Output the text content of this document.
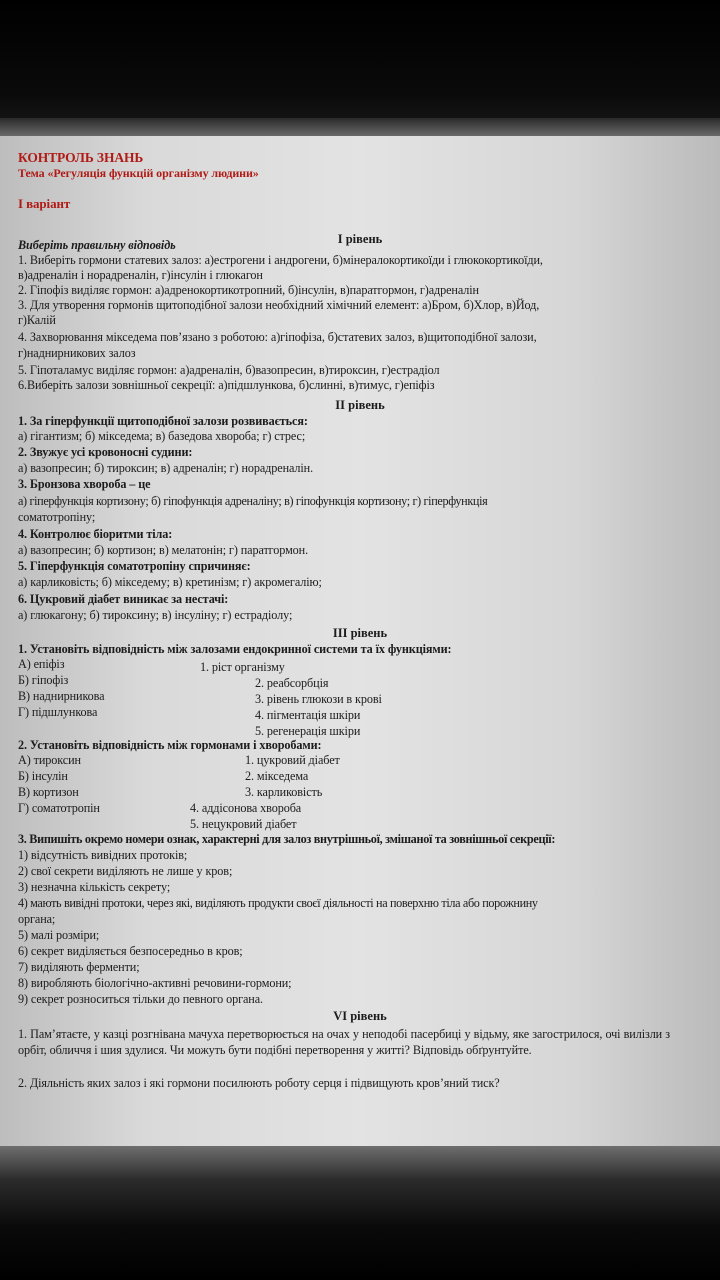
КОНТРОЛЬ ЗНАНЬ
Тема «Регуляція функцій організму людини»
І варіант
І рівень
Виберіть правильну відповідь
1. Виберіть гормони статевих залоз: а)естрогени і андрогени, б)мінералокортикоїди і глюкокортикоїди,
в)адреналін і норадреналін, г)інсулін і глюкагон
2. Гіпофіз виділяє гормон: а)адренокортикотропний, б)інсулін, в)паратгормон, г)адреналін
3. Для утворення гормонів щитоподібної залози необхідний хімічний елемент: а)Бром, б)Хлор, в)Йод,
г)Калій
4. Захворювання мікседема пов’язано з роботою: а)гіпофіза, б)статевих залоз, в)щитоподібної залози,
г)наднирникових залоз
5. Гіпоталамус виділяє гормон: а)адреналін, б)вазопресин, в)тироксин, г)естрадіол
6.Виберіть залози зовнішньої секреції: а)підшлункова, б)слинні, в)тимус, г)епіфіз
ІІ рівень
1. За гіперфункції щитоподібної залози розвивається:
а) гігантизм; б) мікседема; в) базедова хвороба; г) стрес;
2. Звужує усі кровоносні судини:
а) вазопресин; б) тироксин; в) адреналін; г) норадреналін.
3. Бронзова хвороба – це
а) гіперфункція кортизону; б) гіпофункція адреналіну; в) гіпофункція кортизону; г) гіперфункція
соматотропіну;
4. Контролює біоритми тіла:
а) вазопресин; б) кортизон; в) мелатонін; г) паратгормон.
5. Гіперфункція соматотропіну спричиняє:
а) карликовість; б) мікседему; в) кретинізм; г) акромегалію;
6. Цукровий діабет виникає за нестачі:
а) глюкагону; б) тироксину; в) інсуліну; г) естрадіолу;
ІІІ рівень
1. Установіть відповідність між залозами ендокринної системи та їх функціями:
А) епіфіз
Б) гіпофіз
В) наднирникова
Г) підшлункова
1. ріст організму
2. реабсорбція
3. рівень глюкози в крові
4. пігментація шкіри
5. регенерація шкіри
2. Установіть відповідність між гормонами і хворобами:
А) тироксин
Б) інсулін
В) кортизон
Г) соматотропін
1. цукровий діабет
2. мікседема
3. карликовість
4. аддісонова хвороба
5. нецукровий діабет
3. Випишіть окремо номери ознак, характерні для залоз внутрішньої, змішаної та зовнішньої секреції:
1) відсутність вивідних протоків;
2) свої секрети виділяють не лише у кров;
3) незначна кількість секрету;
4) мають вивідні протоки, через які, виділяють продукти своєї діяльності на поверхню тіла або порожнину
органа;
5) малі розміри;
6) секрет виділяється безпосередньо в кров;
7) виділяють ферменти;
8) виробляють біологічно-активні речовини-гормони;
9) секрет розноситься тільки до певного органа.
VI рівень
1. Пам’ятаєте, у казці розгнівана мачуха перетворюється на очах у неподобі пасербиці у відьму, яке загострилося, очі вилізли з орбіт, обличчя і шия здулися. Чи можуть бути подібні перетворення у житті? Відповідь обґрунтуйте.
2. Діяльність яких залоз і які гормони посилюють роботу серця і підвищують кров’яний тиск?
